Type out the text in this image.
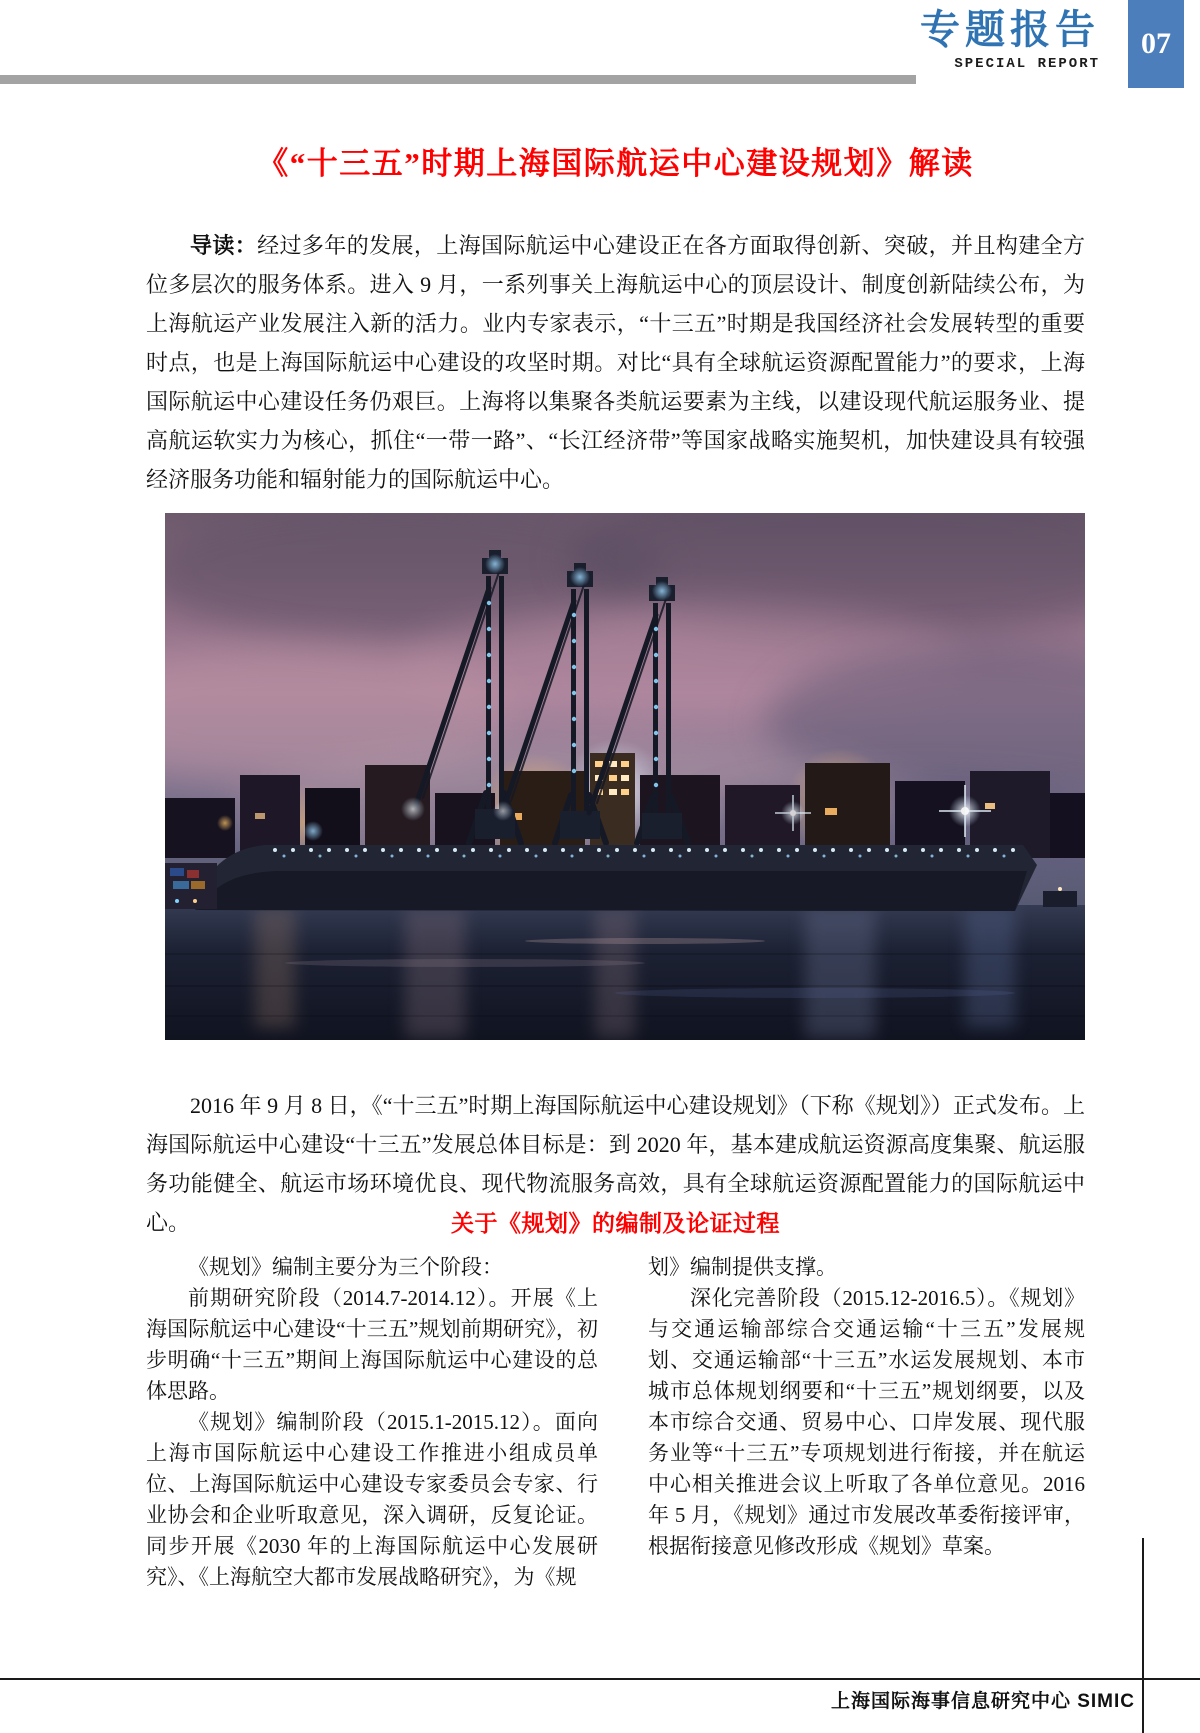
专题报告
SPECIAL REPORT
07
《“十三五”时期上海国际航运中心建设规划》解读

导读：经过多年的发展，上海国际航运中心建设正在各方面取得创新、突破，并且构建全方位多层次的服务体系。进入 9 月，一系列事关上海航运中心的顶层设计、制度创新陆续公布，为上海航运产业发展注入新的活力。业内专家表示，“十三五”时期是我国经济社会发展转型的重要时点，也是上海国际航运中心建设的攻坚时期。对比“具有全球航运资源配置能力”的要求，上海国际航运中心建设任务仍艰巨。上海将以集聚各类航运要素为主线，以建设现代航运服务业、提高航运软实力为核心，抓住“一带一路”、“长江经济带”等国家战略实施契机，加快建设具有较强经济服务功能和辐射能力的国际航运中心。

2016 年 9 月 8 日，《“十三五”时期上海国际航运中心建设规划》（下称《规划》）正式发布。上海国际航运中心建设“十三五”发展总体目标是：到 2020 年，基本建成航运资源高度集聚、航运服务功能健全、航运市场环境优良、现代物流服务高效，具有全球航运资源配置能力的国际航运中心。	关于《规划》的编制及论证过程

《规划》编制主要分为三个阶段：

前期研究阶段（2014.7-2014.12）。开展《上海国际航运中心建设“十三五”规划前期研究》，初步明确“十三五”期间上海国际航运中心建设的总体思路。

《规划》编制阶段（2015.1-2015.12）。面向上海市国际航运中心建设工作推进小组成员单位、上海国际航运中心建设专家委员会专家、行业协会和企业听取意见，深入调研，反复论证。同步开展《2030 年的上海国际航运中心发展研究》、《上海航空大都市发展战略研究》，为《规

划》编制提供支撑。

深化完善阶段（2015.12-2016.5）。《规划》与交通运输部综合交通运输“十三五”发展规划、交通运输部“十三五”水运发展规划、本市城市总体规划纲要和“十三五”规划纲要，以及本市综合交通、贸易中心、口岸发展、现代服务业等“十三五”专项规划进行衔接，并在航运中心相关推进会议上听取了各单位意见。2016 年 5 月，《规划》通过市发展改革委衔接评审，根据衔接意见修改形成《规划》草案。

上海国际海事信息研究中心 SIMIC
